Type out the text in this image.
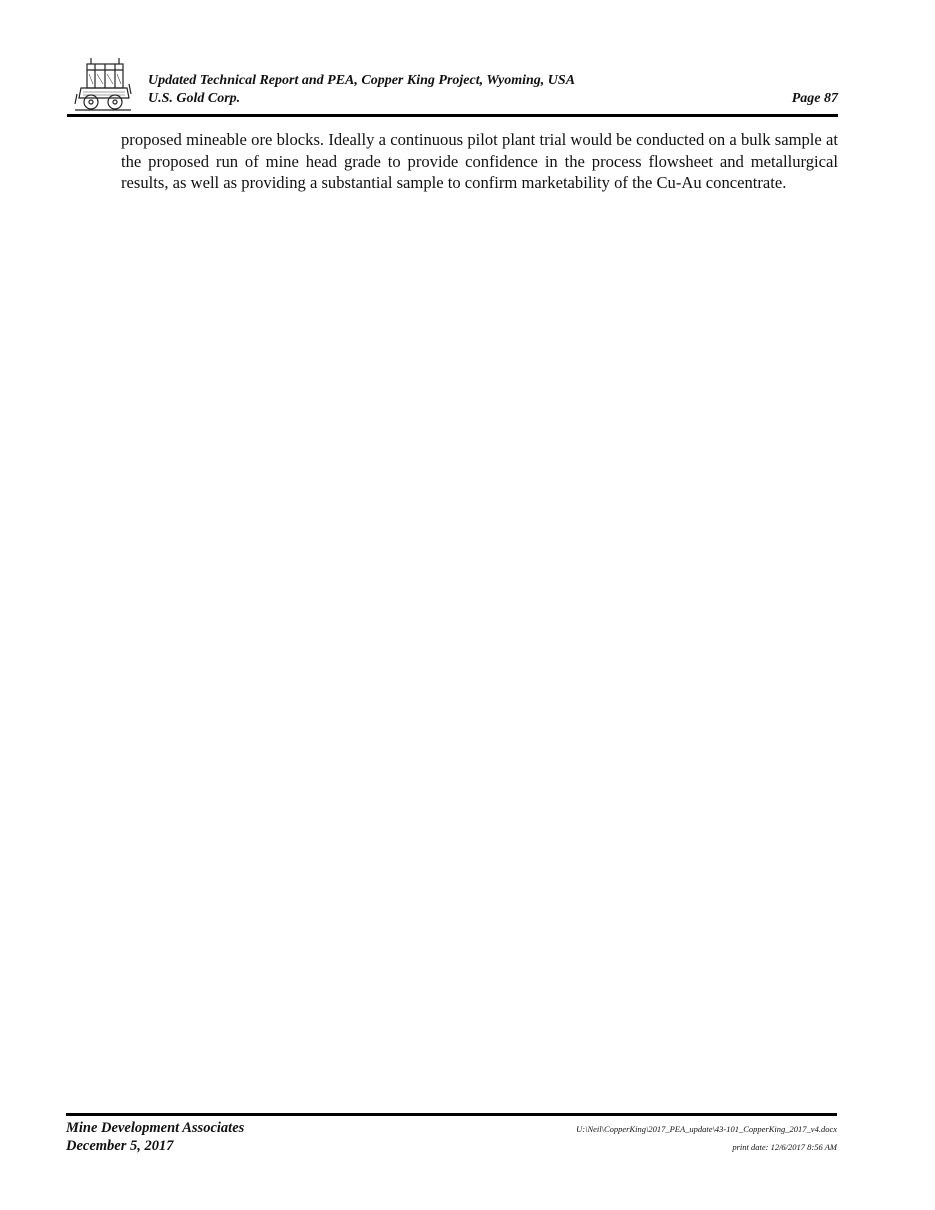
Updated Technical Report and PEA, Copper King Project, Wyoming, USA
U.S. Gold Corp.	Page 87
proposed mineable ore blocks. Ideally a continuous pilot plant trial would be conducted on a bulk sample at the proposed run of mine head grade to provide confidence in the process flowsheet and metallurgical results, as well as providing a substantial sample to confirm marketability of the Cu-Au concentrate.
Mine Development Associates
December 5, 2017
U:\Neil\CopperKing\2017_PEA_update\43-101_CopperKing_2017_v4.docx
print date: 12/6/2017 8:56 AM
